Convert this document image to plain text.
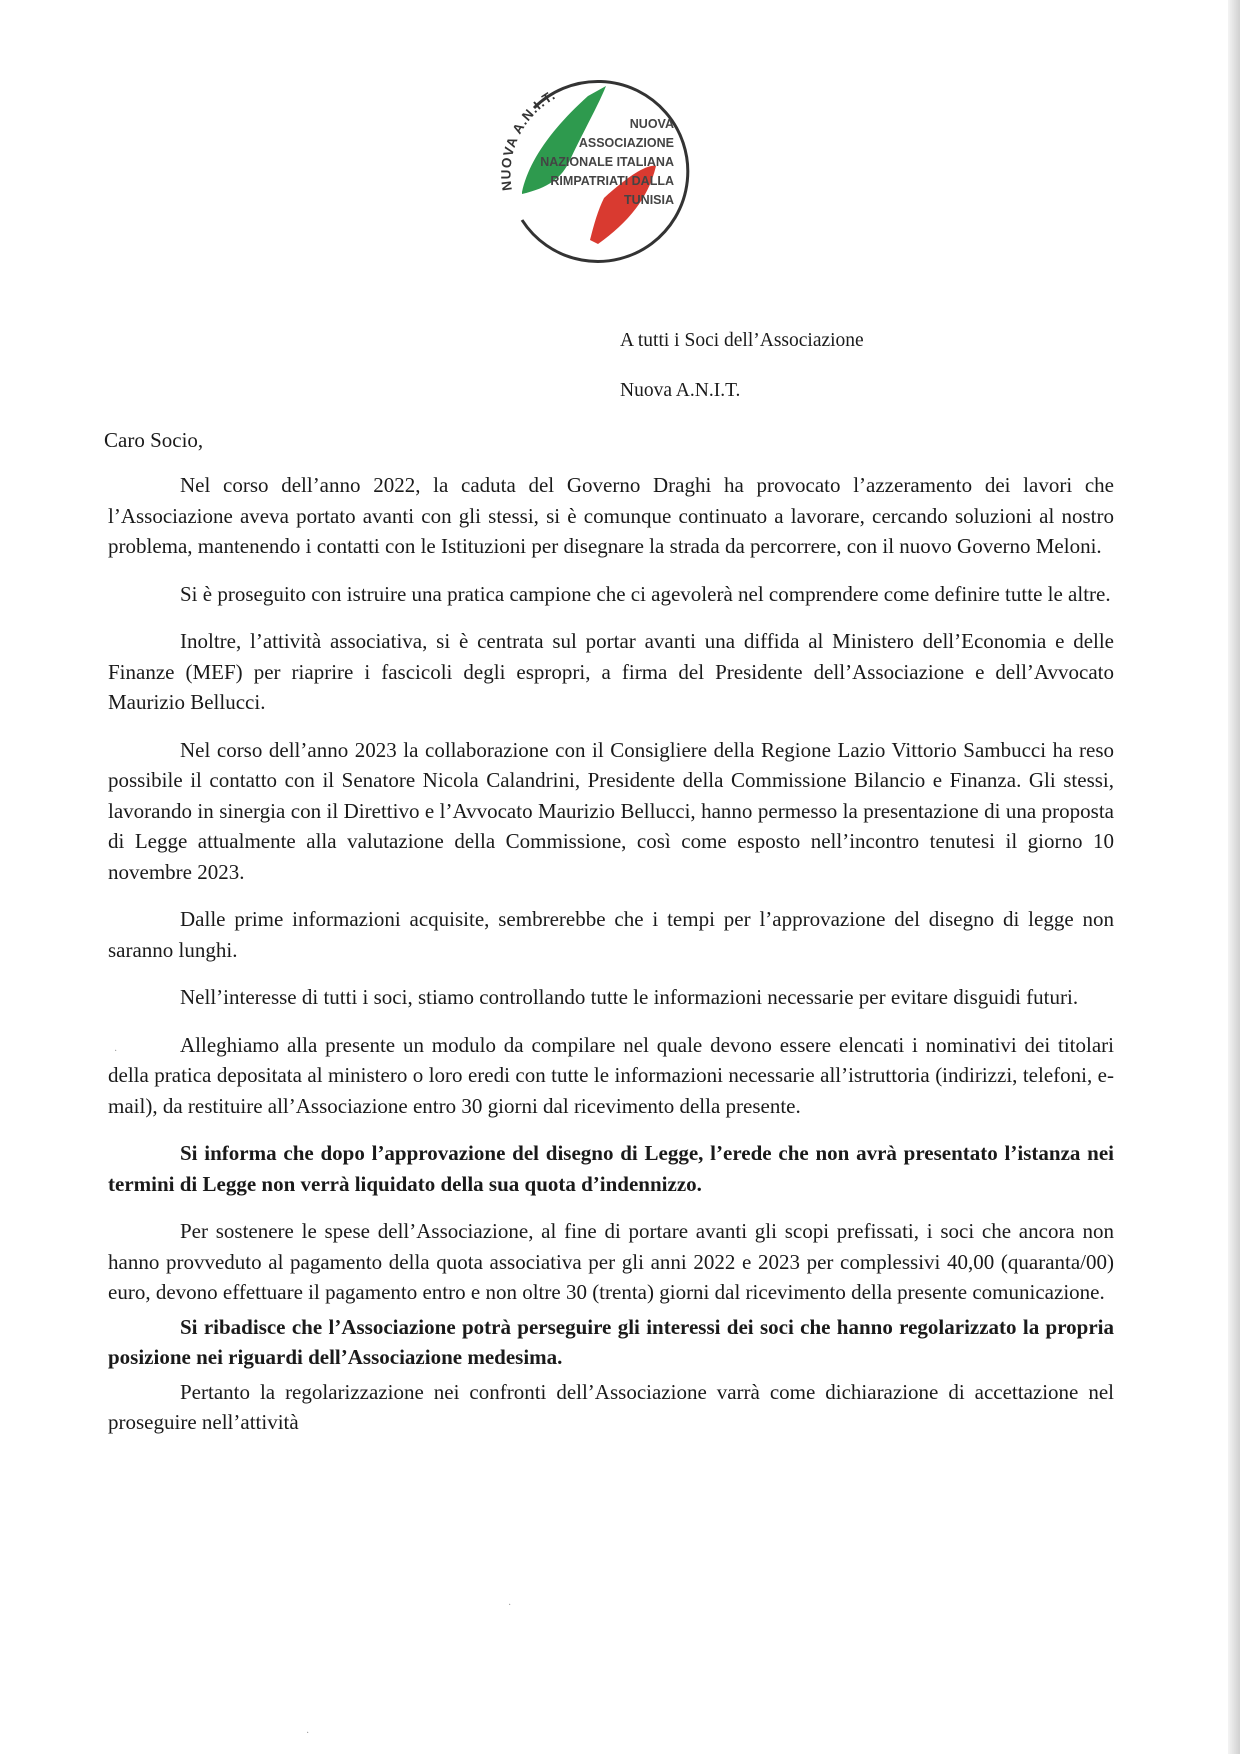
NUOVA A.N.I.T.
NUOVA
ASSOCIAZIONE
NAZIONALE ITALIANA
RIMPATRIATI DALLA
TUNISIA
A tutti i Soci dell’Associazione
Nuova A.N.I.T.
Caro Socio,

Nel corso dell’anno 2022, la caduta del Governo Draghi ha provocato l’azzeramento dei lavori che l’Associazione aveva portato avanti con gli stessi, si è comunque continuato a lavorare, cercando soluzioni al nostro problema, mantenendo i contatti con le Istituzioni per disegnare la strada da percorrere, con il nuovo Governo Meloni.

Si è proseguito con istruire una pratica campione che ci agevolerà nel comprendere come definire tutte le altre.

Inoltre, l’attività associativa, si è centrata sul portar avanti una diffida al Ministero dell’Economia e delle Finanze (MEF) per riaprire i fascicoli degli espropri, a firma del Presidente dell’Associazione e dell’Avvocato Maurizio Bellucci.

Nel corso dell’anno 2023 la collaborazione con il Consigliere della Regione Lazio Vittorio Sambucci ha reso possibile il contatto con il Senatore Nicola Calandrini, Presidente della Commissione Bilancio e Finanza. Gli stessi, lavorando in sinergia con il Direttivo e l’Avvocato Maurizio Bellucci, hanno permesso la presentazione di una proposta di Legge attualmente alla valutazione della Commissione, così come esposto nell’incontro tenutesi il giorno 10 novembre 2023.

Dalle prime informazioni acquisite, sembrerebbe che i tempi per l’approvazione del disegno di legge non saranno lunghi.

Nell’interesse di tutti i soci, stiamo controllando tutte le informazioni necessarie per evitare disguidi futuri.

Alleghiamo alla presente un modulo da compilare nel quale devono essere elencati i nominativi dei titolari della pratica depositata al ministero o loro eredi con tutte le informazioni necessarie all’istruttoria (indirizzi, telefoni, e-mail), da restituire all’Associazione entro 30 giorni dal ricevimento della presente.

Si informa che dopo l’approvazione del disegno di Legge, l’erede che non avrà presentato l’istanza nei termini di Legge non verrà liquidato della sua quota d’indennizzo.

Per sostenere le spese dell’Associazione, al fine di portare avanti gli scopi prefissati, i soci che ancora non hanno provveduto al pagamento della quota associativa per gli anni 2022 e 2023 per complessivi 40,00 (quaranta/00) euro, devono effettuare il pagamento entro e non oltre 30 (trenta) giorni dal ricevimento della presente comunicazione.

Si ribadisce che l’Associazione potrà perseguire gli interessi dei soci che hanno regolarizzato la propria posizione nei riguardi dell’Associazione medesima.

Pertanto la regolarizzazione nei confronti dell’Associazione varrà come dichiarazione di accettazione nel proseguire nell’attività

·
·
·
